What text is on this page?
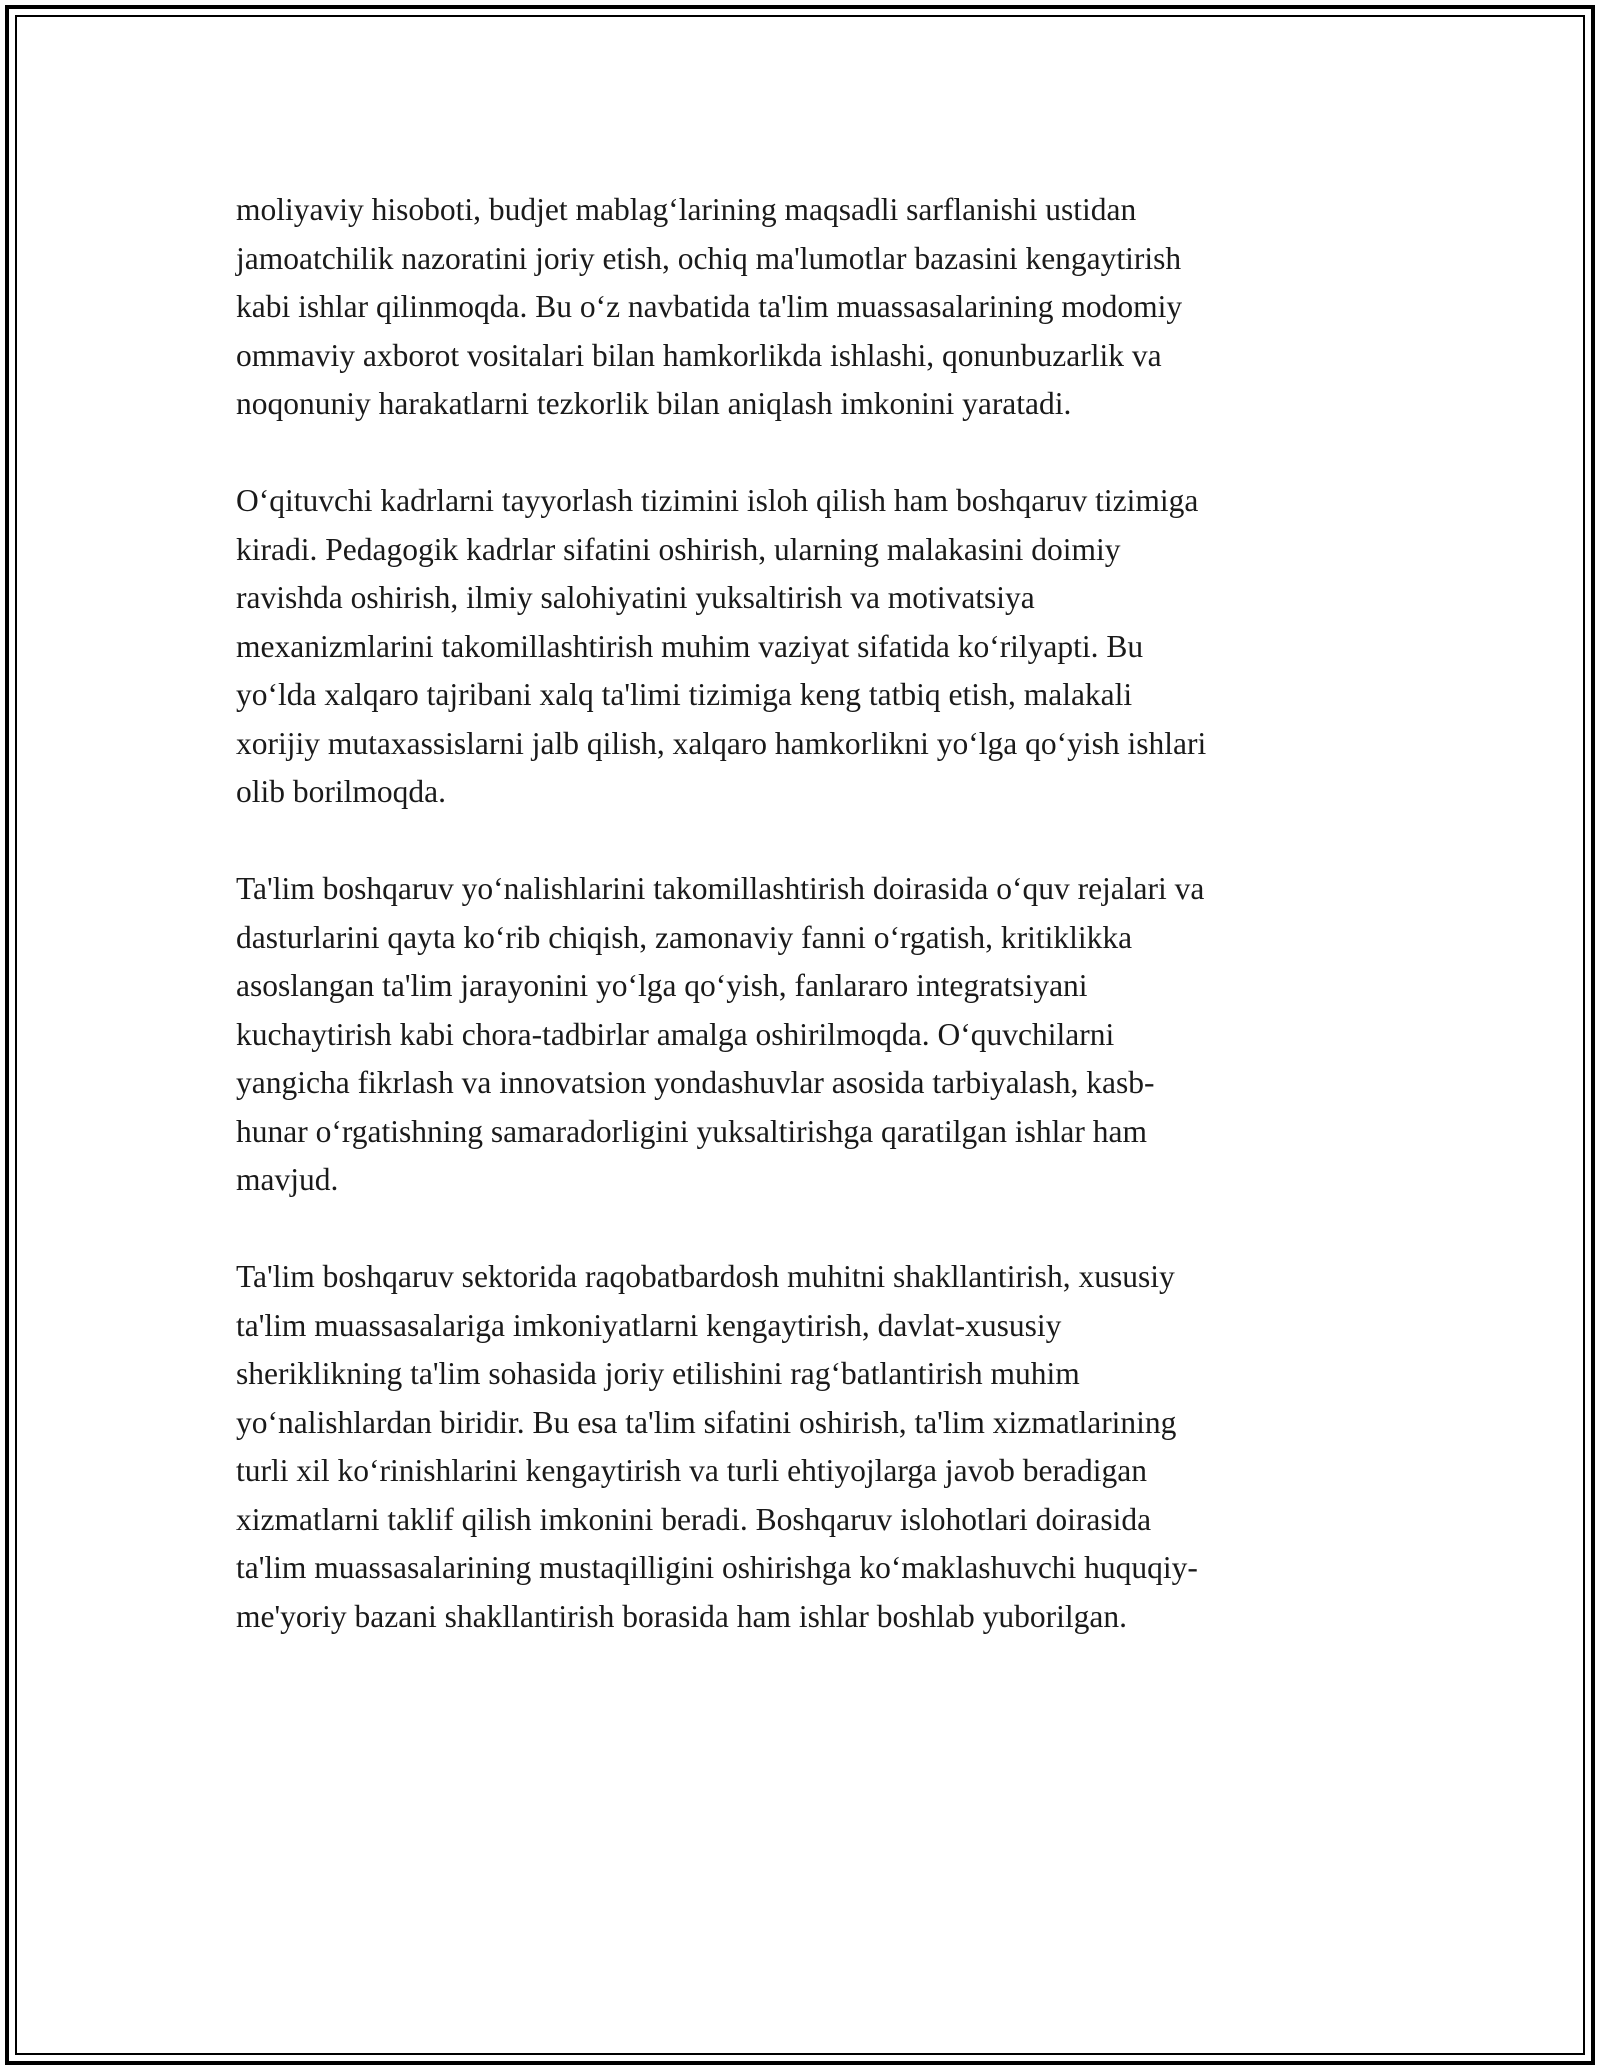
moliyaviy hisoboti, budjet mablag‘larining maqsadli sarflanishi ustidan
jamoatchilik nazoratini joriy etish, ochiq ma'lumotlar bazasini kengaytirish
kabi ishlar qilinmoqda. Bu o‘z navbatida ta'lim muassasalarining modomiy
ommaviy axborot vositalari bilan hamkorlikda ishlashi, qonunbuzarlik va
noqonuniy harakatlarni tezkorlik bilan aniqlash imkonini yaratadi.

O‘qituvchi kadrlarni tayyorlash tizimini isloh qilish ham boshqaruv tizimiga
kiradi. Pedagogik kadrlar sifatini oshirish, ularning malakasini doimiy
ravishda oshirish, ilmiy salohiyatini yuksaltirish va motivatsiya
mexanizmlarini takomillashtirish muhim vaziyat sifatida ko‘rilyapti. Bu
yo‘lda xalqaro tajribani xalq ta'limi tizimiga keng tatbiq etish, malakali
xorijiy mutaxassislarni jalb qilish, xalqaro hamkorlikni yo‘lga qo‘yish ishlari
olib borilmoqda.

Ta'lim boshqaruv yo‘nalishlarini takomillashtirish doirasida o‘quv rejalari va
dasturlarini qayta ko‘rib chiqish, zamonaviy fanni o‘rgatish, kritiklikka
asoslangan ta'lim jarayonini yo‘lga qo‘yish, fanlararo integratsiyani
kuchaytirish kabi chora-tadbirlar amalga oshirilmoqda. O‘quvchilarni
yangicha fikrlash va innovatsion yondashuvlar asosida tarbiyalash, kasb-
hunar o‘rgatishning samaradorligini yuksaltirishga qaratilgan ishlar ham
mavjud.

Ta'lim boshqaruv sektorida raqobatbardosh muhitni shakllantirish, xususiy
ta'lim muassasalariga imkoniyatlarni kengaytirish, davlat-xususiy
sheriklikning ta'lim sohasida joriy etilishini rag‘batlantirish muhim
yo‘nalishlardan biridir. Bu esa ta'lim sifatini oshirish, ta'lim xizmatlarining
turli xil ko‘rinishlarini kengaytirish va turli ehtiyojlarga javob beradigan
xizmatlarni taklif qilish imkonini beradi. Boshqaruv islohotlari doirasida
ta'lim muassasalarining mustaqilligini oshirishga ko‘maklashuvchi huquqiy-
me'yoriy bazani shakllantirish borasida ham ishlar boshlab yuborilgan.
